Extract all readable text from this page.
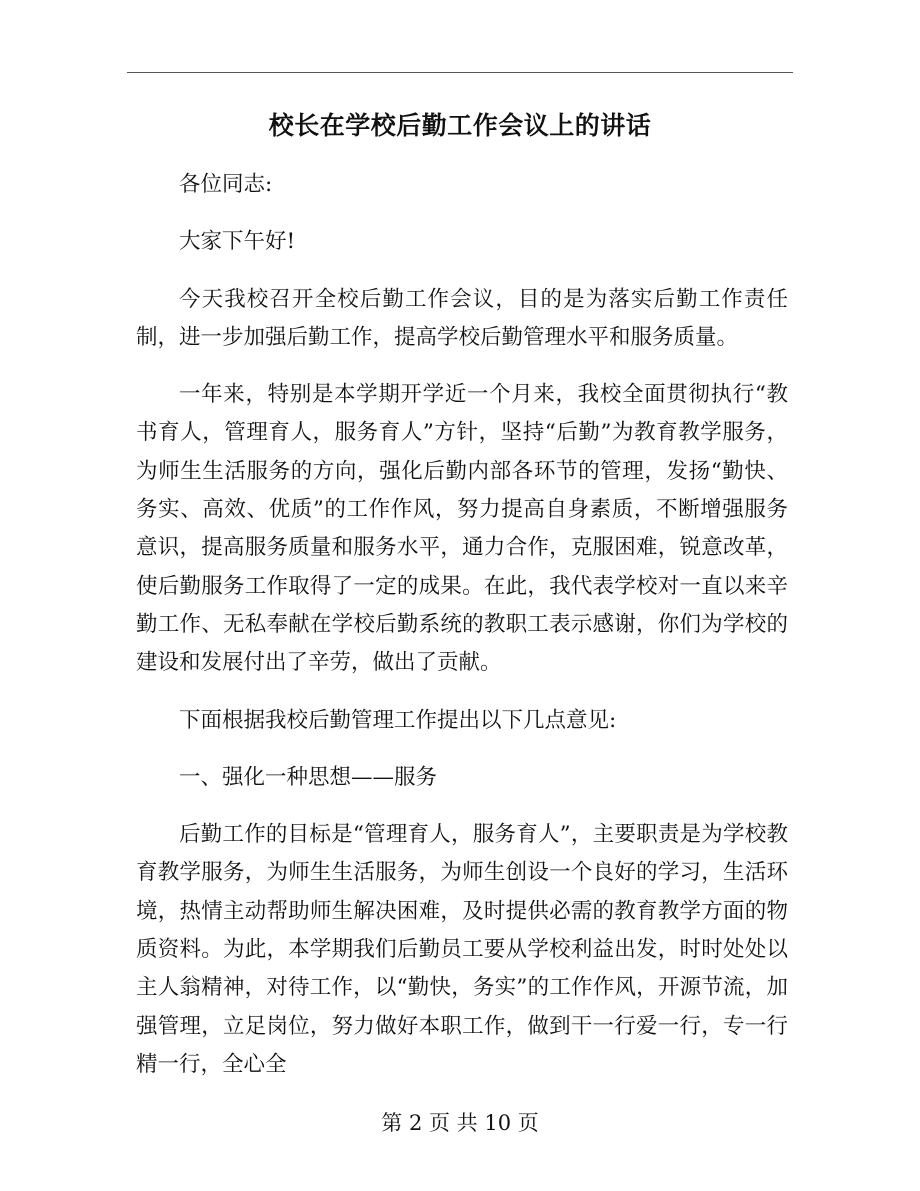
校长在学校后勤工作会议上的讲话

各位同志:

大家下午好!

今天我校召开全校后勤工作会议，目的是为落实后勤工作责任制，进一步加强后勤工作，提高学校后勤管理水平和服务质量。

一年来，特别是本学期开学近一个月来，我校全面贯彻执行“教书育人，管理育人，服务育人”方针，坚持“后勤”为教育教学服务，为师生生活服务的方向，强化后勤内部各环节的管理，发扬“勤快、务实、高效、优质”的工作作风，努力提高自身素质，不断增强服务意识，提高服务质量和服务水平，通力合作，克服困难，锐意改革，使后勤服务工作取得了一定的成果。在此，我代表学校对一直以来辛勤工作、无私奉献在学校后勤系统的教职工表示感谢，你们为学校的建设和发展付出了辛劳，做出了贡献。

下面根据我校后勤管理工作提出以下几点意见:

一、强化一种思想——服务

后勤工作的目标是“管理育人，服务育人”，主要职责是为学校教育教学服务，为师生生活服务，为师生创设一个良好的学习，生活环境，热情主动帮助师生解决困难，及时提供必需的教育教学方面的物质资料。为此，本学期我们后勤员工要从学校利益出发，时时处处以主人翁精神，对待工作，以“勤快，务实”的工作作风，开源节流，加强管理，立足岗位，努力做好本职工作，做到干一行爱一行，专一行精一行，全心全

第 2 页 共 10 页
